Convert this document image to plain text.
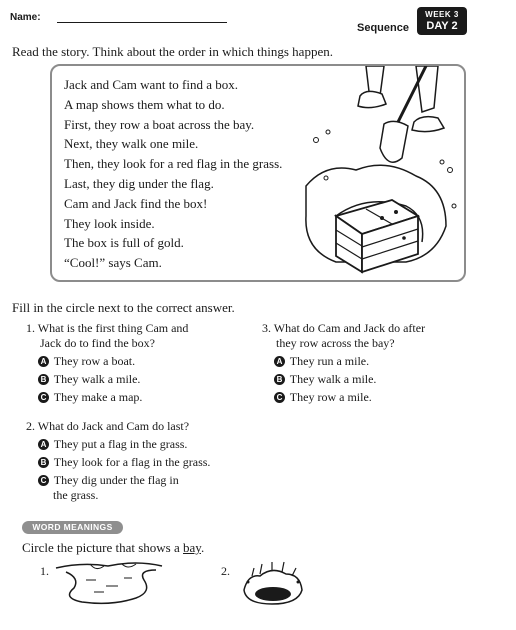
Name:
Sequence
WEEK 3
DAY 2
Read the story. Think about the order in which things happen.
Jack and Cam want to find a box.
A map shows them what to do.
First, they row a boat across the bay.
Next, they walk one mile.
Then, they look for a red flag in the grass.
Last, they dig under the flag.
Cam and Jack find the box!
They look inside.
The box is full of gold.
“Cool!” says Cam.
Fill in the circle next to the correct answer.
1. What is the first thing Cam and
Jack do to find the box?
A They row a boat.
B They walk a mile.
C They make a map.
3. What do Cam and Jack do after
they row across the bay?
A They run a mile.
B They walk a mile.
C They row a mile.
2. What do Jack and Cam do last?
A They put a flag in the grass.
B They look for a flag in the grass.
C They dig under the flag in
the grass.
WORD MEANINGS
Circle the picture that shows a bay.
1.	2.
